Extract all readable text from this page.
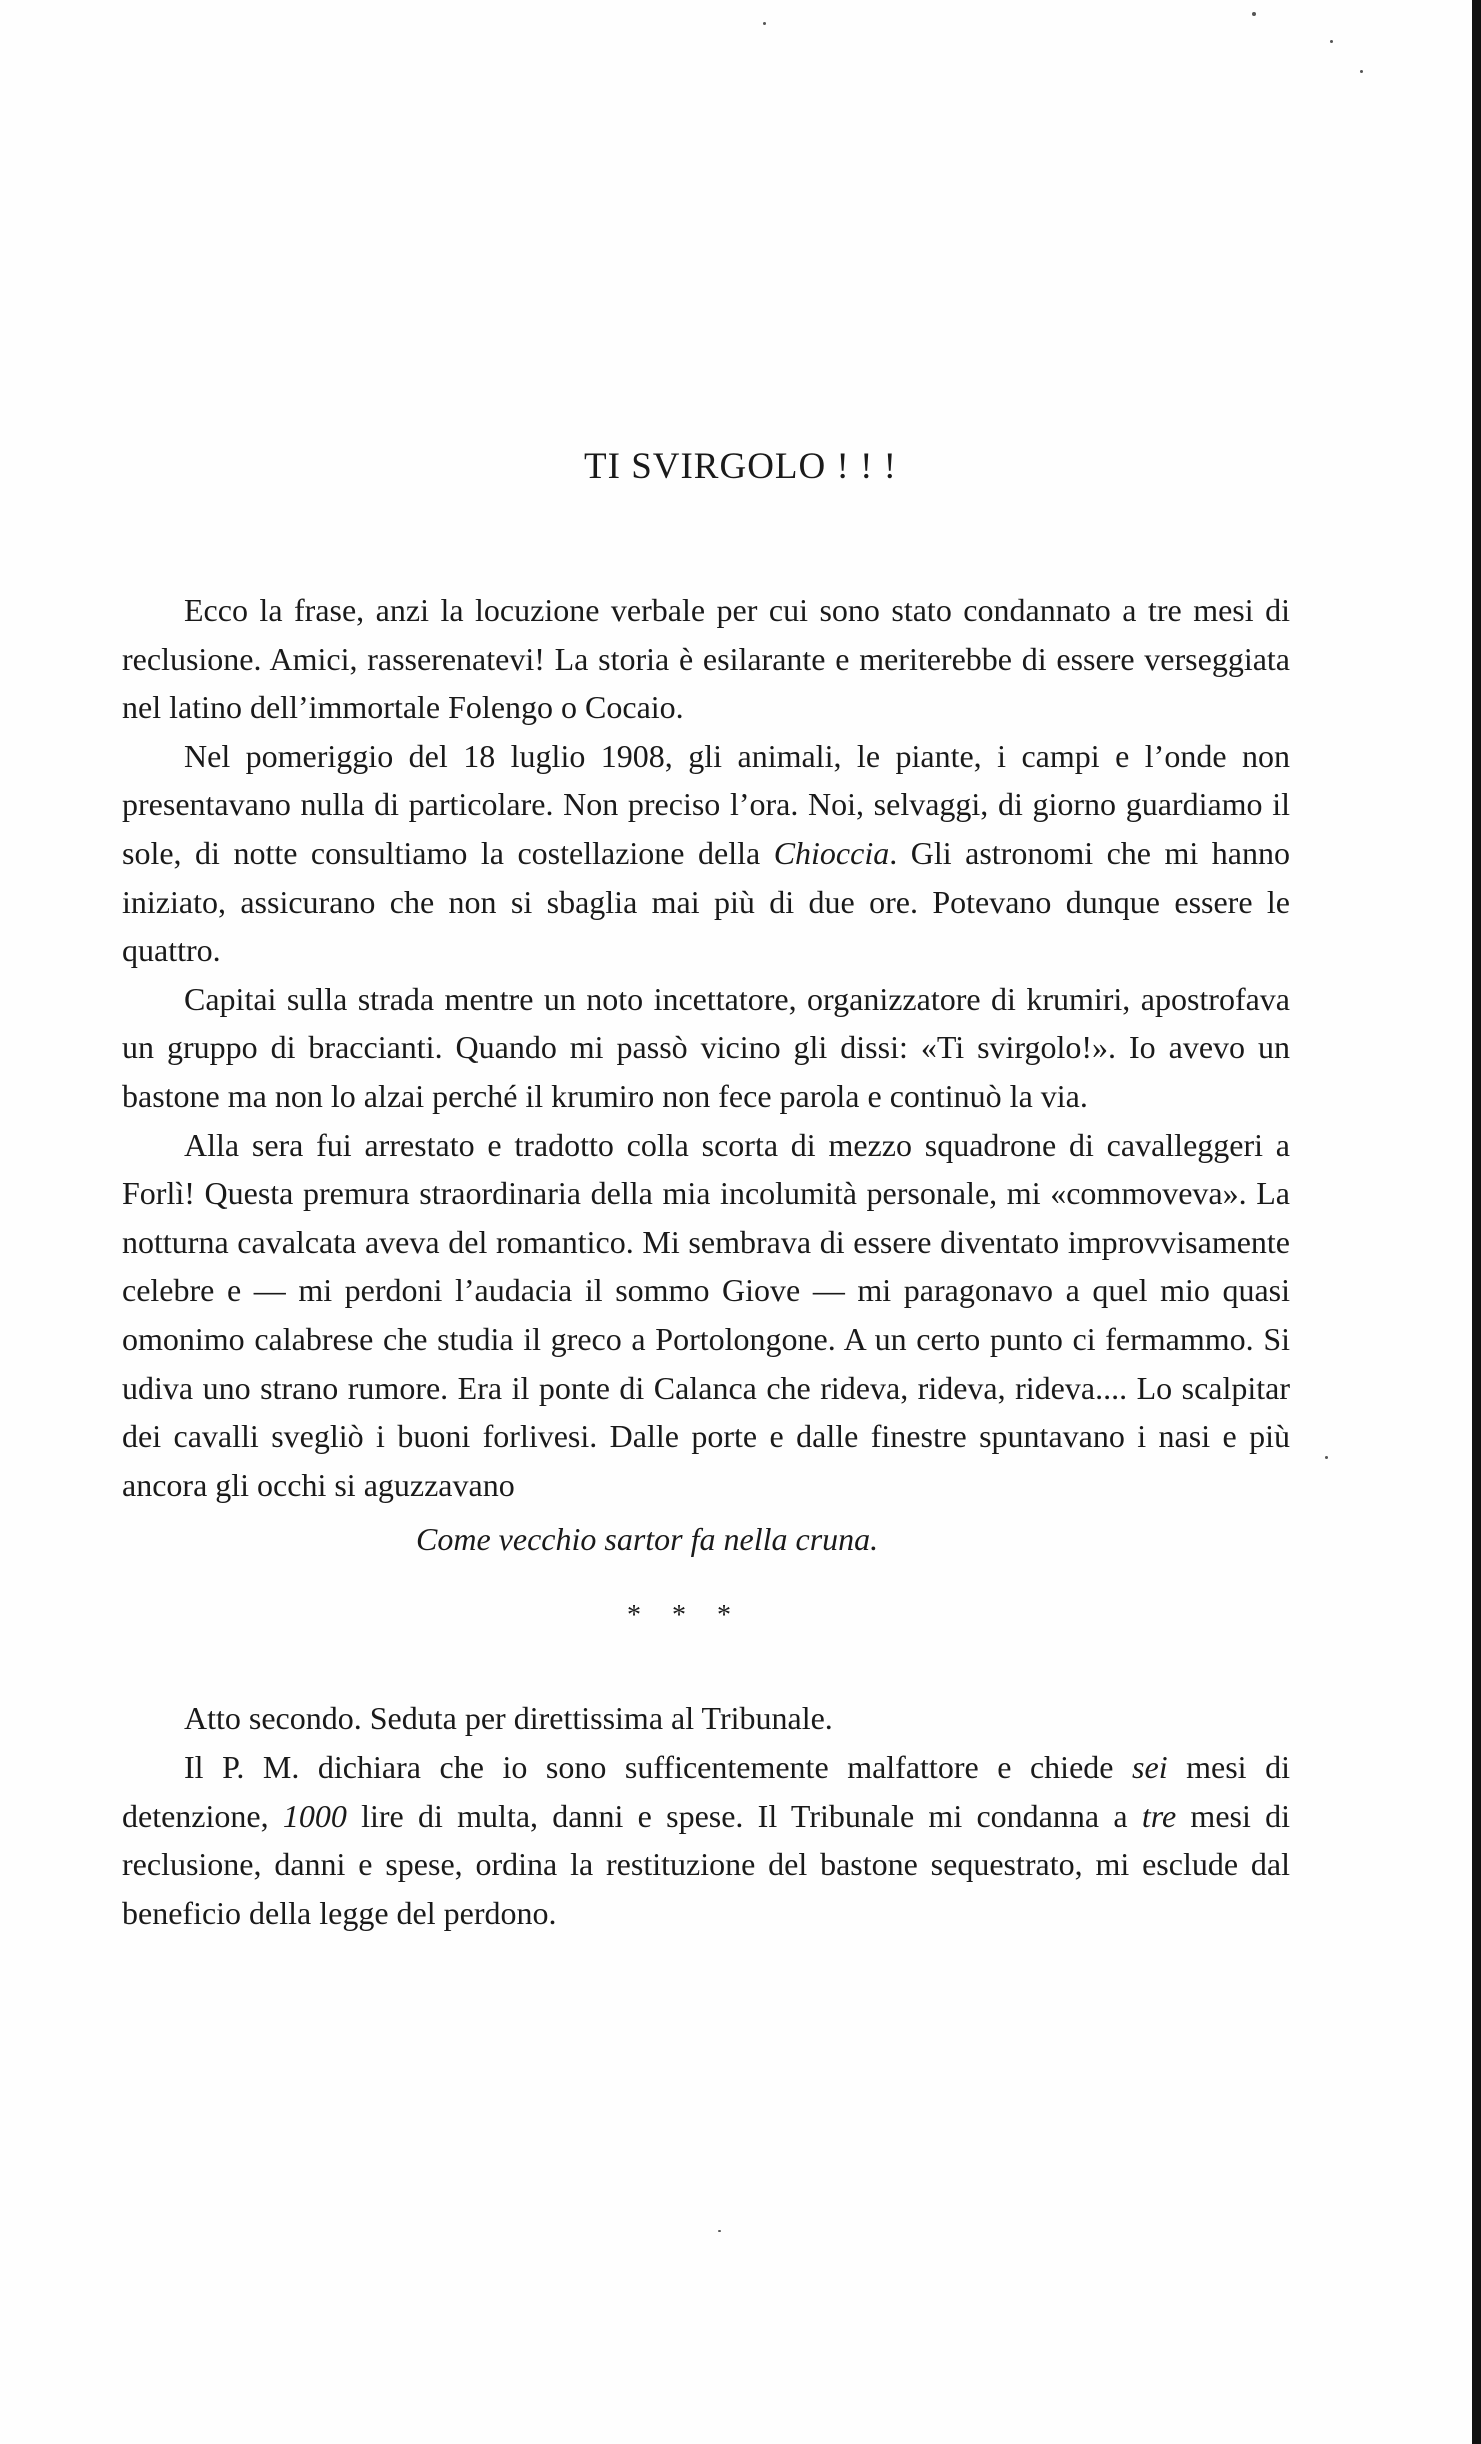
TI SVIRGOLO ! ! !

Ecco la frase, anzi la locuzione verbale per cui sono stato condannato a tre mesi di reclusione. Amici, rasserenatevi! La storia è esilarante e meriterebbe di essere verseggiata nel latino dell’immortale Folengo o Cocaio.

Nel pomeriggio del 18 luglio 1908, gli animali, le piante, i campi e l’onde non presentavano nulla di particolare. Non preciso l’ora. Noi, selvaggi, di giorno guardiamo il sole, di notte consultiamo la costellazione della Chioccia. Gli astronomi che mi hanno iniziato, assicurano che non si sbaglia mai più di due ore. Potevano dunque essere le quattro.

Capitai sulla strada mentre un noto incettatore, organizzatore di krumiri, apostrofava un gruppo di braccianti. Quando mi passò vicino gli dissi: «Ti svirgolo!». Io avevo un bastone ma non lo alzai perché il krumiro non fece parola e continuò la via.

Alla sera fui arrestato e tradotto colla scorta di mezzo squadrone di cavalleggeri a Forlì! Questa premura straordinaria della mia incolumità personale, mi «commoveva». La notturna cavalcata aveva del romantico. Mi sembrava di essere diventato improvvisamente celebre e — mi perdoni l’audacia il sommo Giove — mi paragonavo a quel mio quasi omonimo calabrese che studia il greco a Portolongone. A un certo punto ci fermammo. Si udiva uno strano rumore. Era il ponte di Calanca che rideva, rideva, rideva.... Lo scalpitar dei cavalli svegliò i buoni forlivesi. Dalle porte e dalle finestre spuntavano i nasi e più ancora gli occhi si aguzzavano

Come vecchio sartor fa nella cruna.

* * *

Atto secondo. Seduta per direttissima al Tribunale.

Il P. M. dichiara che io sono sufficentemente malfattore e chiede sei mesi di detenzione, 1000 lire di multa, danni e spese. Il Tribunale mi condanna a tre mesi di reclusione, danni e spese, ordina la restituzione del bastone sequestrato, mi esclude dal beneficio della legge del perdono.
